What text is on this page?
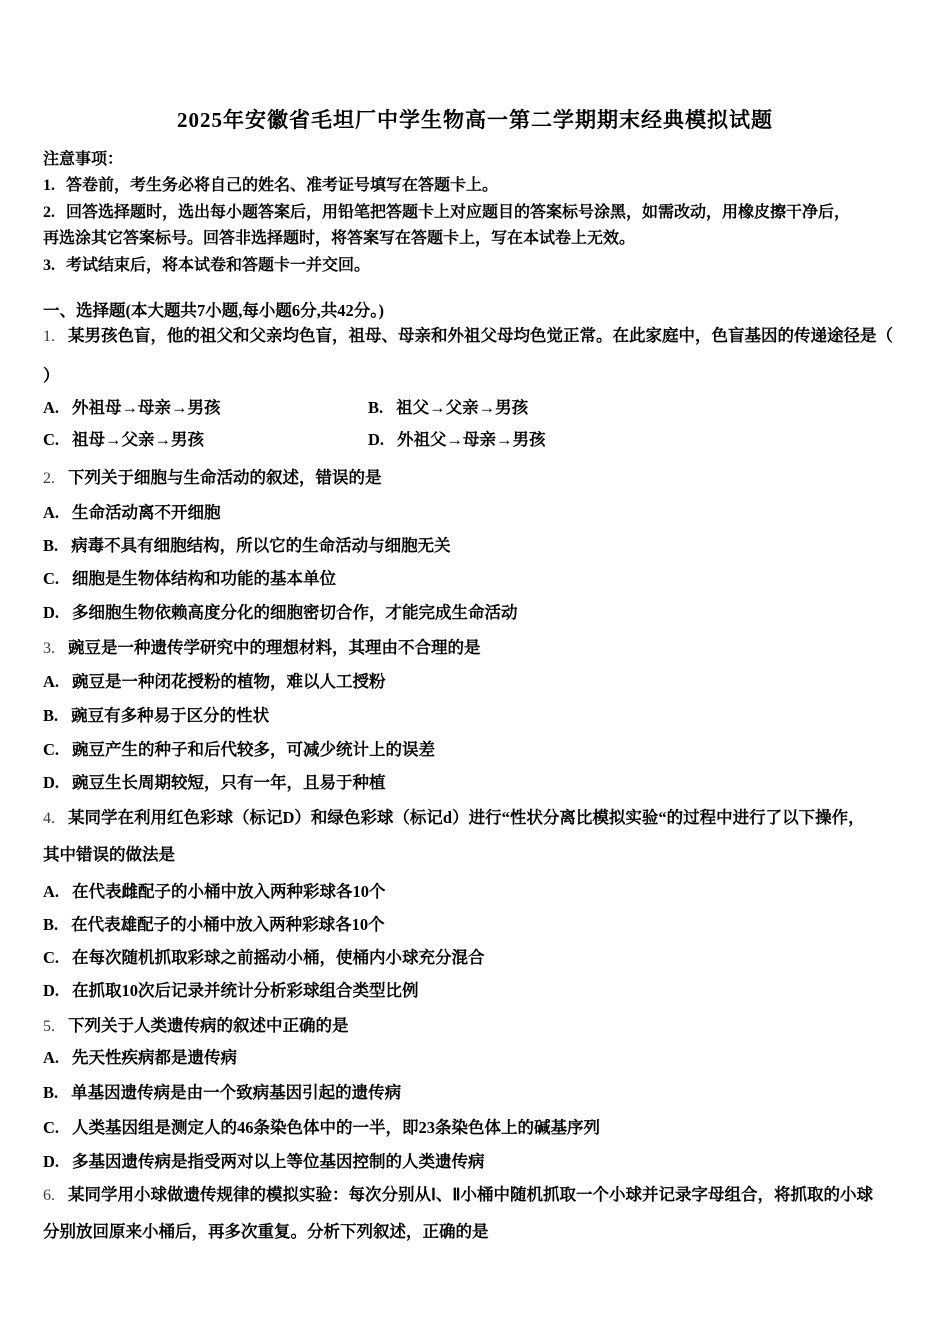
2025年安徽省毛坦厂中学生物高一第二学期期末经典模拟试题
注意事项：
1. 答卷前，考生务必将自己的姓名、准考证号填写在答题卡上。
2. 回答选择题时，选出每小题答案后，用铅笔把答题卡上对应题目的答案标号涂黑，如需改动，用橡皮擦干净后，
再选涂其它答案标号。回答非选择题时，将答案写在答题卡上，写在本试卷上无效。
3. 考试结束后，将本试卷和答题卡一并交回。
一、选择题(本大题共7小题,每小题6分,共42分。)
1. 某男孩色盲，他的祖父和父亲均色盲，祖母、母亲和外祖父母均色觉正常。在此家庭中，色盲基因的传递途径是（
）
A. 外祖母→母亲→男孩	B. 祖父→父亲→男孩
C. 祖母→父亲→男孩	D. 外祖父→母亲→男孩
2. 下列关于细胞与生命活动的叙述，错误的是
A. 生命活动离不开细胞
B. 病毒不具有细胞结构，所以它的生命活动与细胞无关
C. 细胞是生物体结构和功能的基本单位
D. 多细胞生物依赖高度分化的细胞密切合作，才能完成生命活动
3. 豌豆是一种遗传学研究中的理想材料，其理由不合理的是
A. 豌豆是一种闭花授粉的植物，难以人工授粉
B. 豌豆有多种易于区分的性状
C. 豌豆产生的种子和后代较多，可减少统计上的误差
D. 豌豆生长周期较短，只有一年，且易于种植
4. 某同学在利用红色彩球（标记D）和绿色彩球（标记d）进行“性状分离比模拟实验“的过程中进行了以下操作，
其中错误的做法是
A. 在代表雌配子的小桶中放入两种彩球各10个
B. 在代表雄配子的小桶中放入两种彩球各10个
C. 在每次随机抓取彩球之前摇动小桶，使桶内小球充分混合
D. 在抓取10次后记录并统计分析彩球组合类型比例
5. 下列关于人类遗传病的叙述中正确的是
A. 先天性疾病都是遗传病
B. 单基因遗传病是由一个致病基因引起的遗传病
C. 人类基因组是测定人的46条染色体中的一半，即23条染色体上的碱基序列
D. 多基因遗传病是指受两对以上等位基因控制的人类遗传病
6. 某同学用小球做遗传规律的模拟实验：每次分别从Ⅰ、Ⅱ小桶中随机抓取一个小球并记录字母组合，将抓取的小球
分别放回原来小桶后，再多次重复。分析下列叙述，正确的是
